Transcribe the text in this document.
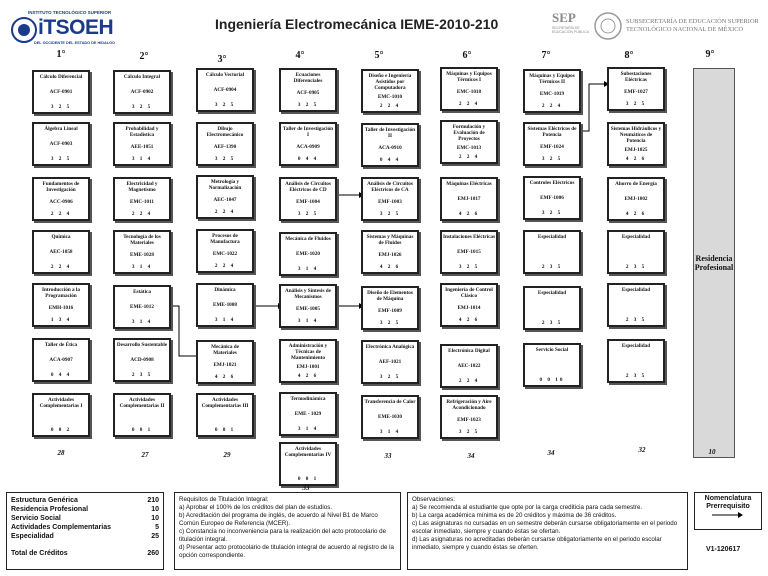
INSTITUTO TECNOLÓGICO SUPERIOR
iTSOEH
DEL OCCIDENTE DEL ESTADO DE HIDALGO
Ingeniería Electromecánica IEME-2010-210	SEP
SECRETARÍA DE EDUCACIÓN PÚBLICA
SUBSECRETARÍA DE EDUCACIÓN SUPERIOR
TECNOLÓGICO NACIONAL DE MÉXICO
1°	2°	3°	4°	5°	6°	7°	8°	9°
Cálculo Diferencial
ACF-0901
3 2 5
Álgebra Lineal
ACF-0903
3 2 5
Fundamentos de Investigación
ACC-0906
2 2 4
Química
AEC-1058
2 2 4
Introducción a la Programación
EMH-1016
1 3 4
Taller de Ética
ACA-0907
0 4 4
Actividades Complementarias I
0 0 2
Cálculo Integral
ACF-0902
3 2 5
Probabilidad y Estadística
AEE-1051
3 1 4
Electricidad y Magnetismo
EMC-1011
2 2 4
Tecnología de los Materiales
EME-1028
3 1 4
Estática
EME-1012
3 1 4
Desarrollo Sustentable
ACD-0908
2 3 5
Actividades Complementarias II
0 0 1
Cálculo Vectorial
ACF-0904
3 2 5
Dibujo Electromecánico
AEF-1390
3 2 5
Metrología y Normalización
AEC-1047
2 2 4
Procesos de Manufactura
EMC-1022
2 2 4
Dinámica
EME-1008
3 1 4
Mecánica de Materiales
EMJ-1021
4 2 6
Actividades Complementarias III
0 0 1
Ecuaciones Diferenciales
ACF-0905
3 2 5
Taller de Investigación I
ACA-0909
0 4 4
Análisis de Circuitos Eléctricos de CD
EMF-1004
3 2 5
Mecánica de Fluidos
EME-1020
3 1 4
Análisis y Síntesis de Mecanismos
EME-1005
3 1 4
Administración y Técnicas de Mantenimiento
EMJ-1001
4 2 6
Termodinámica
EME - 1029
3 1 4
Actividades Complementarias IV
0 0 1
Diseño e Ingeniería Asistidos por Computadora
EMC-1010
2 2 4
Taller de Investigación II
ACA-0910
0 4 4
Análisis de Circuitos Eléctricos de CA
EMF-1003
3 2 5
Sistemas y Máquinas de Fluidos
EMJ-1026
4 2 6
Diseño de Elementos de Máquina
EMF-1009
3 2 5
Electrónica Analógica
AEF-1021
3 2 5
Transferencia de Calor
EME-1030
3 1 4
Máquinas y Equipos Térmicos I
EMC-1018
2 2 4
Formulación y Evaluación de Proyectos
EMC-1013
2 2 4
Máquinas Eléctricas
EMJ-1017
4 2 6
Instalaciones Eléctricas
EMF-1015
3 2 5
Ingeniería de Control Clásico
EMJ-1014
4 2 6
Electrónica Digital
AEC-1022
2 2 4
Refrigeración y Aire Acondicionado
EMF-1023
3 2 5
Máquinas y Equipos Térmicos II
EMC-1019
2 2 4
Sistemas Eléctricos de Potencia
EMF-1024
3 2 5
Controles Eléctricos
EMF-1006
3 2 5
Especialidad
2 3 5
Especialidad
2 3 5
Servicio Social
0 0 10
Subestaciones Eléctricas
EMF-1027
3 2 5
Sistemas Hidráulicos y Neumáticos de Potencia
EMJ-1025
4 2 6
Ahorro de Energía
EMJ-1002
4 2 6
Especialidad
2 3 5
Especialidad
2 3 5
Especialidad
2 3 5
Residencia Profesional
28	27	29
33
33	34	34	32	10
Estructura Genérica	210
Residencia Profesional	10
Servicio Social	10
Actividades Complementarias	5
Especialidad	25
Total de Créditos	260
Requisitos de Titulación Integral:
a) Aprobar el 100% de los créditos del plan de estudios.
b) Acreditación del programa de inglés, de acuerdo al Nivel B1 de Marco Común Europeo de Referencia (MCER).
c) Constancia no inconveniencia para la realización del acto protocolario de titulación integral.
d) Presentar acto protocolario de titulación integral de acuerdo al registro de la opción correspondiente.
Observaciones:
a) Se recomienda al estudiante que opte por la carga crediticia para cada semestre.
b) La carga académica mínima es de 20 créditos y máxima de 36 créditos.
c) Las asignaturas no cursadas en un semestre deberán cursarse obligatoriamente en el periodo escolar inmediato, siempre y cuando éstas se ofertan.
d) Las asignaturas no acreditadas deberán cursarse obligatoriamente en el periodo escolar inmediato, siempre y cuando éstas se oferten.
Nomenclatura
Prerrequisito
V1-120617
